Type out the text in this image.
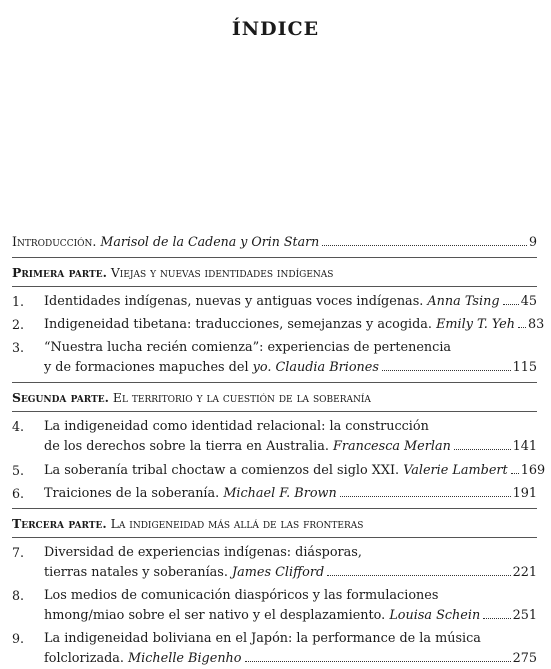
ÍNDICE
Introducción.
Marisol de la Cadena y Orin Starn	9
Primera parte. Viejas y nuevas identidades indígenas
1.	Identidades indígenas, nuevas y antiguas voces indígenas.
Anna Tsing 45
2.	Indigeneidad tibetana: traducciones, semejanzas y acogida.
Emily T. Yeh 83
3.	“Nuestra lucha recién comienza”: experiencias de pertenencia
y de formaciones mapuches del
yo.
Claudia Briones	115
Segunda parte. El territorio y la cuestión de la soberanía
4.	La indigeneidad como identidad relacional: la construcción
de los derechos sobre la tierra en Australia.
Francesca Merlan	141
5.	La soberanía tribal choctaw a comienzos del siglo XXI.
Valerie Lambert 169
6.	Traiciones de la soberanía.
Michael F. Brown	191
Tercera parte. La indigeneidad más allá de las fronteras
7.	Diversidad de experiencias indígenas: diásporas,
tierras natales y soberanías.
James Clifford	221
8.	Los medios de comunicación diaspóricos y las formulaciones
hmong/miao sobre el ser nativo y el desplazamiento.
Louisa Schein	251
9.	La indigeneidad boliviana en el Japón: la performance de la música
folclorizada.
Michelle Bigenho	275
